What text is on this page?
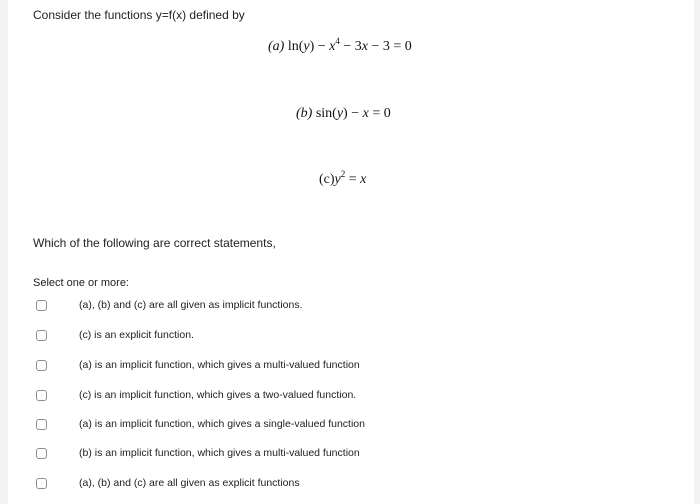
Consider the functions y=f(x) defined by
(a) $\ln(y) - x^4 - 3x - 3 = 0$
(b) sin(y) − x = 0
$(c)y^2 = x$
Which of the following are correct statements,
Select one or more:
(a), (b) and (c) are all given as implicit functions.
(c) is an explicit function.
(a) is an implicit function, which gives a multi-valued function
(c) is an implicit function, which gives a two-valued function.
(a) is an implicit function, which gives a single-valued function
(b) is an implicit function, which gives a multi-valued function
(a), (b) and (c) are all given as explicit functions
